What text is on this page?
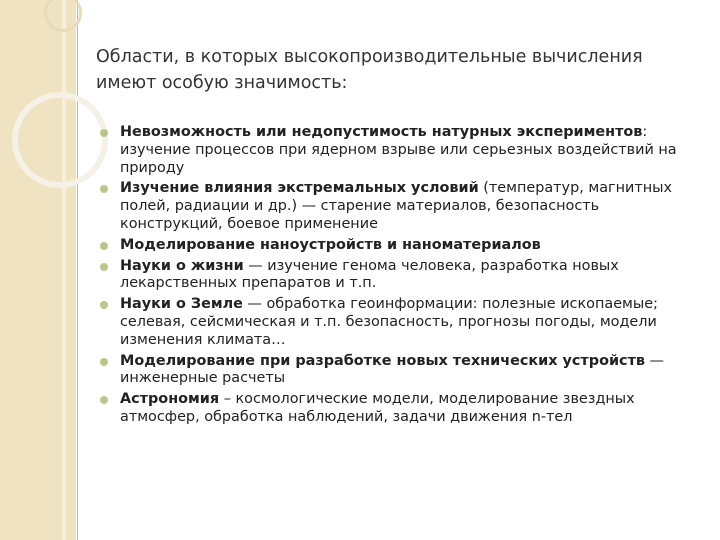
Области, в которых высокопроизводительные вычисления имеют особую значимость:
Невозможность или недопустимость натурных экспериментов: изучение процессов при ядерном взрыве или серьезных воздействий на природу
Изучение влияния экстремальных условий (температур, магнитных полей, радиации и др.) — старение материалов, безопасность конструкций, боевое применение
Моделирование наноустройств и наноматериалов
Науки о жизни — изучение генома человека, разработка новых лекарственных препаратов и т.п.
Науки о Земле — обработка геоинформации: полезные ископаемые; селевая, сейсмическая и т.п. безопасность, прогнозы погоды, модели изменения климата…
Моделирование при разработке новых технических устройств — инженерные расчеты
Астрономия – космологические модели, моделирование звездных атмосфер, обработка наблюдений, задачи движения n-тел
